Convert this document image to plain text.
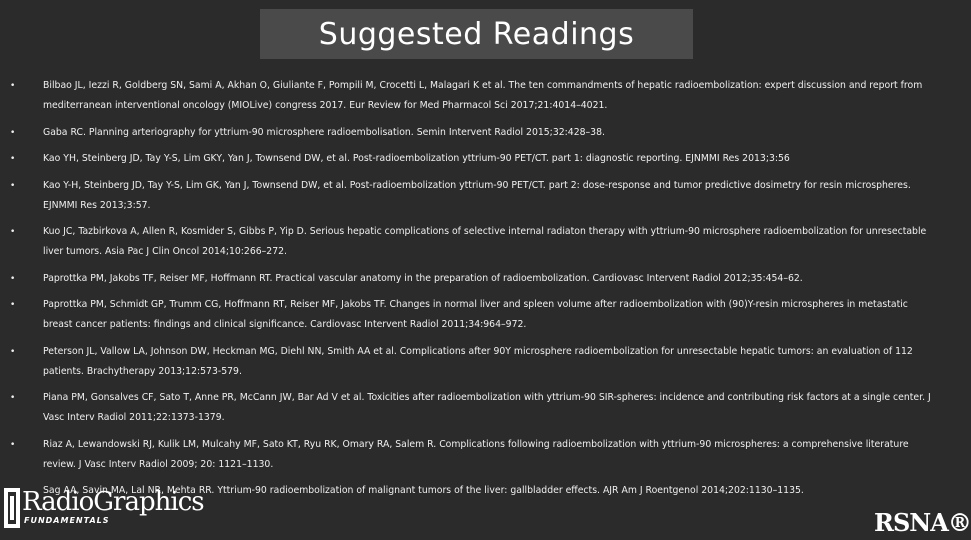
Suggested Readings
•	Bilbao JL, Iezzi R, Goldberg SN, Sami A, Akhan O, Giuliante F, Pompili M, Crocetti L, Malagari K et al. The ten commandments of hepatic radioembolization: expert discussion and report from mediterranean interventional oncology (MIOLive) congress 2017. Eur Review for Med Pharmacol Sci 2017;21:4014–4021.
•	Gaba RC. Planning arteriography for yttrium-90 microsphere radioembolisation. Semin Intervent Radiol 2015;32:428–38.
•	Kao YH, Steinberg JD, Tay Y-S, Lim GKY, Yan J, Townsend DW, et al. Post-radioembolization yttrium-90 PET/CT. part 1: diagnostic reporting. EJNMMI Res 2013;3:56
•	Kao Y-H, Steinberg JD, Tay Y-S, Lim GK, Yan J, Townsend DW, et al. Post-radioembolization yttrium-90 PET/CT. part 2: dose-response and tumor predictive dosimetry for resin microspheres. EJNMMI Res 2013;3:57.
•	Kuo JC, Tazbirkova A, Allen R, Kosmider S, Gibbs P, Yip D. Serious hepatic complications of selective internal radiaton therapy with yttrium-90 microsphere radioembolization for unresectable liver tumors. Asia Pac J Clin Oncol 2014;10:266–272.
•	Paprottka PM, Jakobs TF, Reiser MF, Hoffmann RT. Practical vascular anatomy in the preparation of radioembolization. Cardiovasc Intervent Radiol 2012;35:454–62.
•	Paprottka PM, Schmidt GP, Trumm CG, Hoffmann RT, Reiser MF, Jakobs TF. Changes in normal liver and spleen volume after radioembolization with (90)Y-resin microspheres in metastatic breast cancer patients: findings and clinical significance. Cardiovasc Intervent Radiol 2011;34:964–972.
•	Peterson JL, Vallow LA, Johnson DW, Heckman MG, Diehl NN, Smith AA et al. Complications after 90Y microsphere radioembolization for unresectable hepatic tumors: an evaluation of 112 patients. Brachytherapy 2013;12:573-579.
•	Piana PM, Gonsalves CF, Sato T, Anne PR, McCann JW, Bar Ad V et al. Toxicities after radioembolization with yttrium-90 SIR-spheres: incidence and contributing risk factors at a single center. J Vasc Interv Radiol 2011;22:1373-1379.
•	Riaz A, Lewandowski RJ, Kulik LM, Mulcahy MF, Sato KT, Ryu RK, Omary RA, Salem R. Complications following radioembolization with yttrium-90 microspheres: a comprehensive literature review. J Vasc Interv Radiol 2009; 20: 1121–1130.
Sag AA, Savin MA, Lal NR, Mehta RR. Yttrium-90 radioembolization of malignant tumors of the liver: gallbladder effects. AJR Am J Roentgenol 2014;202:1130–1135.
RadioGraphics
FUNDAMENTALS	RSNA®
